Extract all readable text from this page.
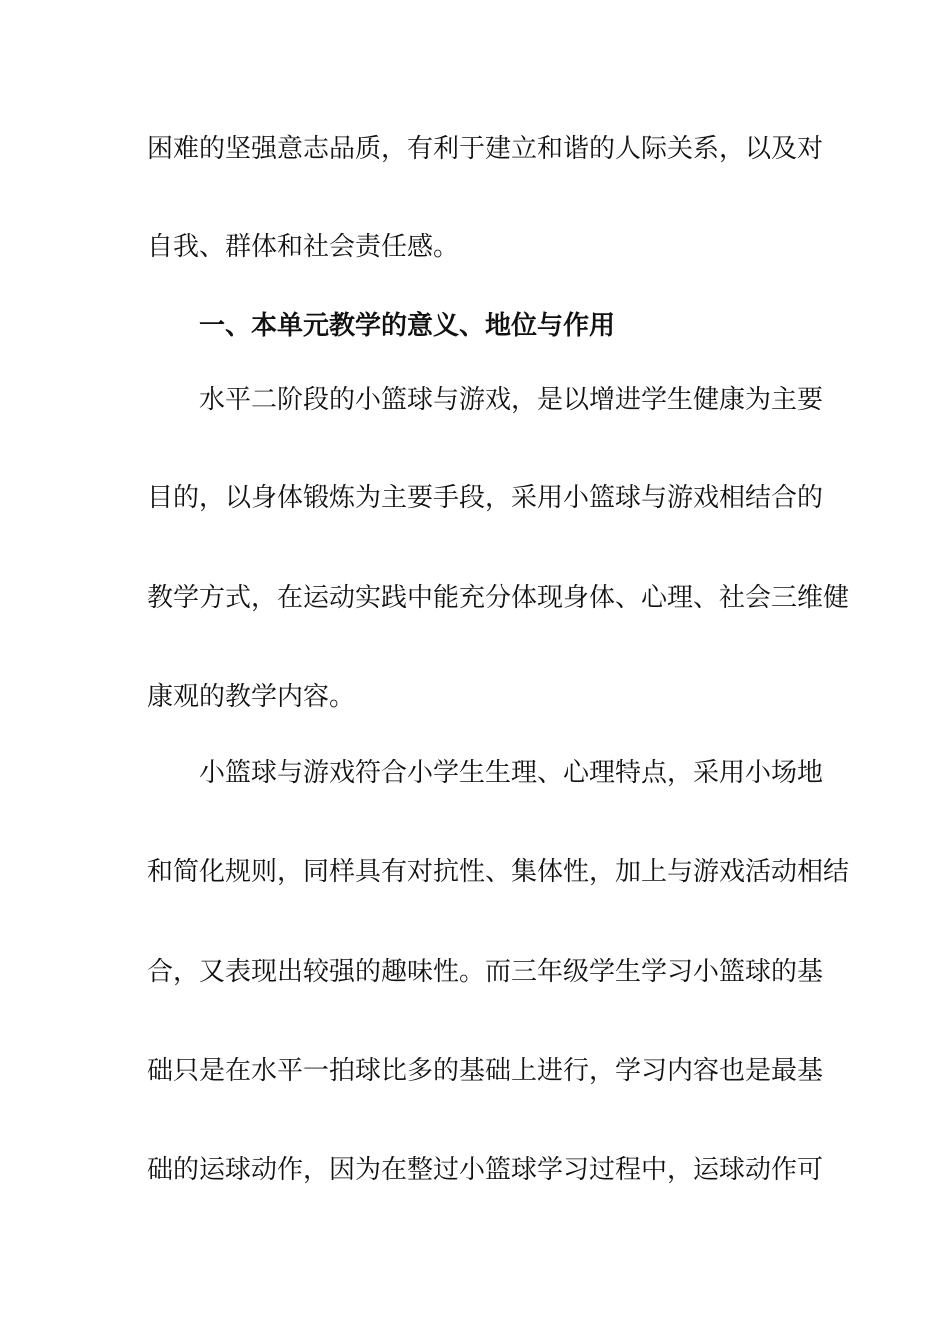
困难的坚强意志品质，有利于建立和谐的人际关系，以及对
自我、群体和社会责任感。
一、本单元教学的意义、地位与作用
水平二阶段的小篮球与游戏，是以增进学生健康为主要
目的，以身体锻炼为主要手段，采用小篮球与游戏相结合的
教学方式，在运动实践中能充分体现身体、心理、社会三维健
康观的教学内容。
小篮球与游戏符合小学生生理、心理特点，采用小场地
和简化规则，同样具有对抗性、集体性，加上与游戏活动相结
合，又表现出较强的趣味性。而三年级学生学习小篮球的基
础只是在水平一拍球比多的基础上进行，学习内容也是最基
础的运球动作，因为在整过小篮球学习过程中，运球动作可
